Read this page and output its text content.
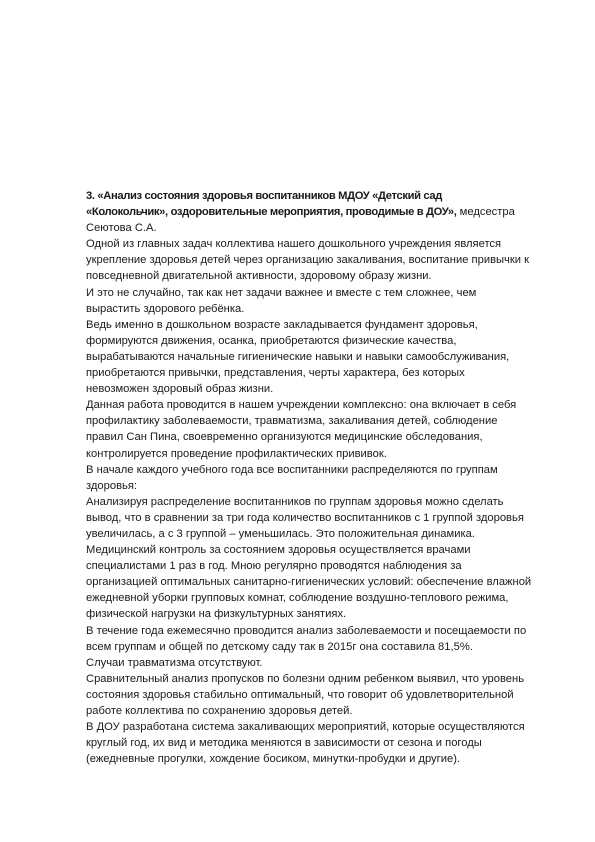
3. «Анализ состояния здоровья воспитанников МДОУ «Детский сад
«Колокольчик», оздоровительные мероприятия, проводимые в ДОУ», медсестра
Сеютова С.А.
Одной из главных задач коллектива нашего дошкольного учреждения является
укрепление здоровья детей через организацию закаливания, воспитание привычки к
повседневной двигательной активности, здоровому образу жизни.
И это не случайно, так как нет задачи важнее и вместе с тем сложнее, чем
вырастить здорового ребёнка.
Ведь именно в дошкольном возрасте закладывается фундамент здоровья,
формируются движения, осанка, приобретаются физические качества,
вырабатываются начальные гигиенические навыки и навыки самообслуживания,
приобретаются привычки, представления, черты характера, без которых
невозможен здоровый образ жизни.
Данная работа проводится в нашем учреждении комплексно: она включает в себя
профилактику заболеваемости, травматизма, закаливания детей, соблюдение
правил Сан Пина, своевременно организуются медицинские обследования,
контролируется проведение профилактических прививок.
В начале каждого учебного года все воспитанники распределяются по группам
здоровья:
Анализируя распределение воспитанников по группам здоровья можно сделать
вывод, что в сравнении за три года количество воспитанников с 1 группой здоровья
увеличилась, а с 3 группой – уменьшилась. Это положительная динамика.
Медицинский контроль за состоянием здоровья осуществляется врачами
специалистами 1 раз в год. Мною регулярно проводятся наблюдения за
организацией оптимальных санитарно-гигиенических условий: обеспечение влажной
ежедневной уборки групповых комнат, соблюдение воздушно-теплового режима,
физической нагрузки на физкультурных занятиях.
В течение года ежемесячно проводится анализ заболеваемости и посещаемости по
всем группам и общей по детскому саду так в 2015г она составила 81,5%.
Случаи травматизма отсутствуют.
Сравнительный анализ пропусков по болезни одним ребенком выявил, что уровень
состояния здоровья стабильно оптимальный, что говорит об удовлетворительной
работе коллектива по сохранению здоровья детей.
В ДОУ разработана система закаливающих мероприятий, которые осуществляются
круглый год, их вид и методика меняются в зависимости от сезона и погоды
(ежедневные прогулки, хождение босиком, минутки-пробудки и другие).
